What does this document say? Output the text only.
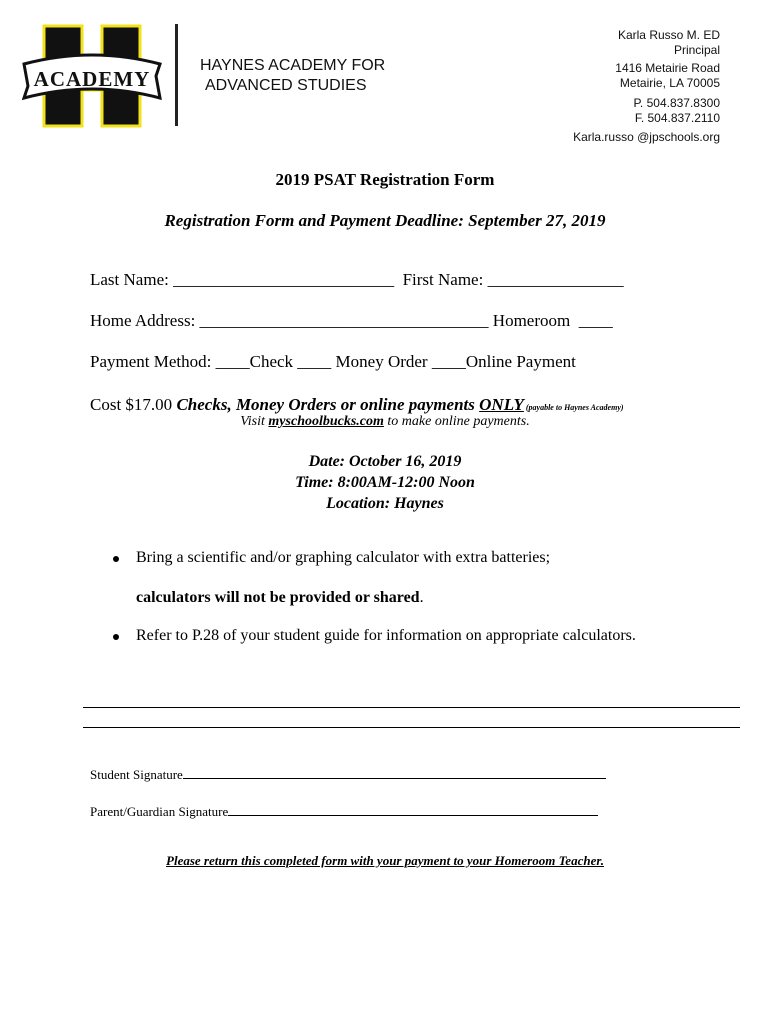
ACADEMY
HAYNES ACADEMY FOR
ADVANCED STUDIES
Karla Russo M. ED
Principal
1416 Metairie Road
Metairie, LA 70005
P. 504.837.8300
F. 504.837.2110
Karla.russo @jpschools.org
2019 PSAT Registration Form
Registration Form and Payment Deadline: September 27, 2019
Last Name: __________________________  First Name: ________________
Home Address: __________________________________ Homeroom  ____
Payment Method: ____Check ____ Money Order ____Online Payment
Cost $17.00 Checks, Money Orders or online payments ONLY (payable to Haynes Academy)
Visit myschoolbucks.com to make online payments.
Date: October 16, 2019
Time: 8:00AM-12:00 Noon
Location: Haynes
Bring a scientific and/or graphing calculator with extra batteries;
calculators will not be provided or shared.
Refer to P.28 of your student guide for information on appropriate calculators.
Student Signature
Parent/Guardian Signature
Please return this completed form with your payment to your Homeroom Teacher.
